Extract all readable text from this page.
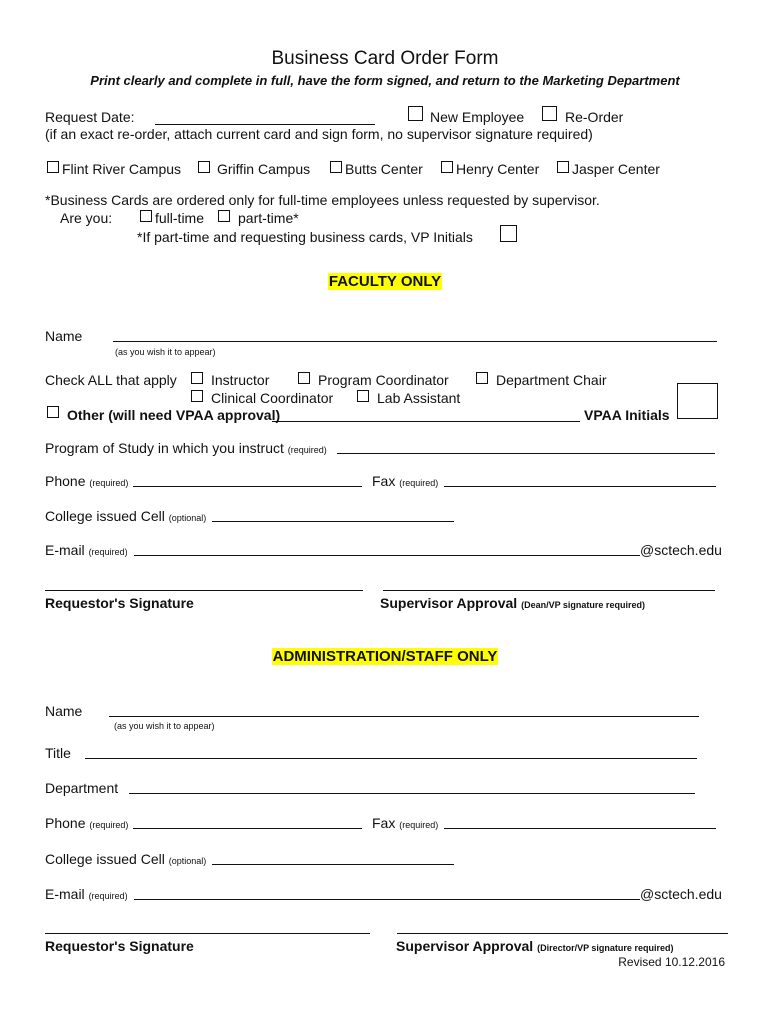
Business Card Order Form
Print clearly and complete in full, have the form signed, and return to the Marketing Department
Request Date:	New Employee	Re-Order
(if an exact re-order, attach current card and sign form, no supervisor signature required)
Flint River Campus	Griffin Campus Butts Center Henry Center Jasper Center
*Business Cards are ordered only for full-time employees unless requested by supervisor.
Are you:	full-time part-time*
*If part-time and requesting business cards, VP Initials
FACULTY ONLY
Name
(as you wish it to appear)
Check ALL that apply Instructor	Program Coordinator	Department Chair
Clinical Coordinator	Lab Assistant
Other (will need VPAA approval)	VPAA Initials
Program of Study in which you instruct (required)
Phone (required)	Fax (required)
College issued Cell (optional)
E-mail (required)	@sctech.edu
Requestor's Signature	Supervisor Approval (Dean/VP signature required)
ADMINISTRATION/STAFF ONLY
Name
(as you wish it to appear)
Title
Department
Phone (required)	Fax (required)
College issued Cell (optional)
E-mail (required)	@sctech.edu
Requestor's Signature	Supervisor Approval (Director/VP signature required)
Revised 10.12.2016
